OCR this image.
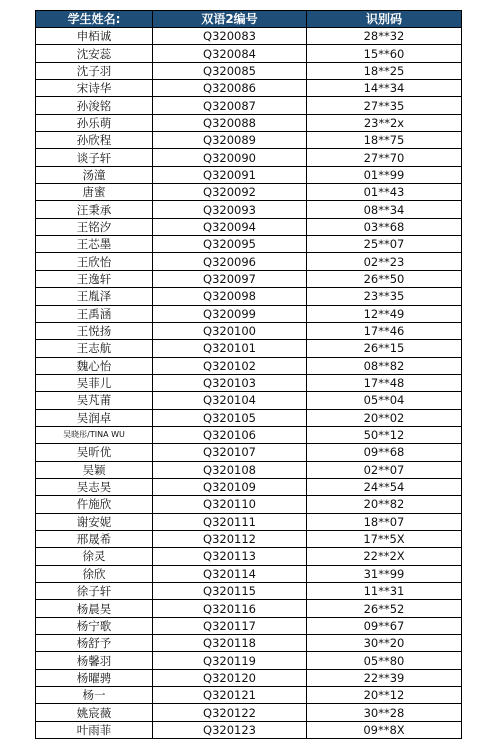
学生姓名:	双语2编号	识别码
申栢诚	Q320083	28**32
沈安蕊	Q320084	15**60
沈子羽	Q320085	18**25
宋诗华	Q320086	14**34
孙浚铭	Q320087	27**35
孙乐萌	Q320088	23**2x
孙欣程	Q320089	18**75
谈子轩	Q320090	27**70
汤潼	Q320091	01**99
唐蜜	Q320092	01**43
汪秉承	Q320093	08**34
王铭汐	Q320094	03**68
王芯墨	Q320095	25**07
王欣怡	Q320096	02**23
王逸轩	Q320097	26**50
王胤泽	Q320098	23**35
王禹涵	Q320099	12**49
王悦扬	Q320100	17**46
王志航	Q320101	26**15
魏心怡	Q320102	08**82
吴菲儿	Q320103	17**48
吴芃莆	Q320104	05**04
吴润卓	Q320105	20**02
吴晓彤/TINA WU	Q320106	50**12
吴昕优	Q320107	09**68
吴颖	Q320108	02**07
吴志昊	Q320109	24**54
仵施欣	Q320110	20**82
谢安妮	Q320111	18**07
邢晟希	Q320112	17**5X
徐灵	Q320113	22**2X
徐欣	Q320114	31**99
徐子轩	Q320115	11**31
杨晨昊	Q320116	26**52
杨宁歌	Q320117	09**67
杨舒予	Q320118	30**20
杨馨羽	Q320119	05**80
杨曜骋	Q320120	22**39
杨一	Q320121	20**12
姚宸薇	Q320122	30**28
叶雨菲	Q320123	09**8X
